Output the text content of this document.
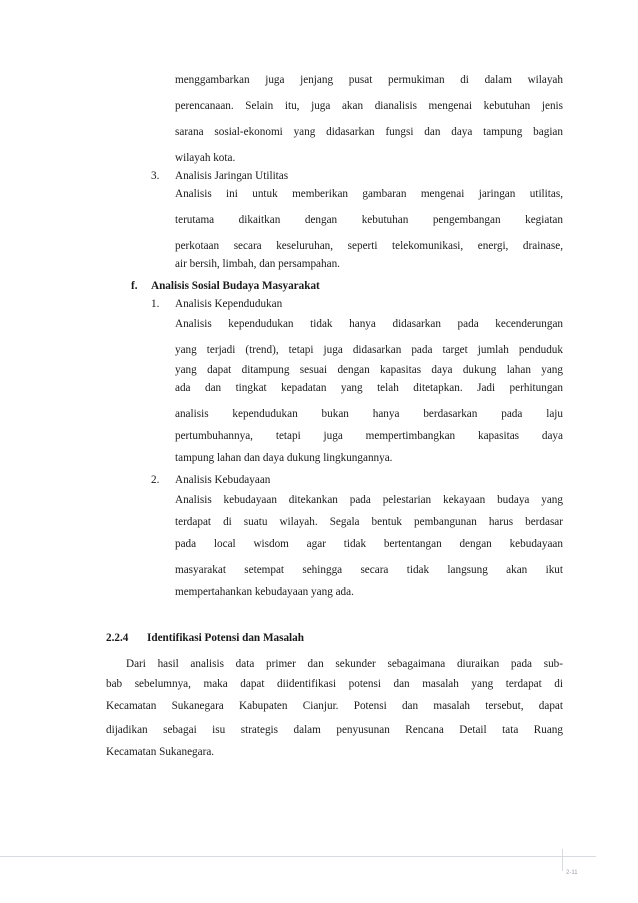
menggambarkan juga jenjang pusat permukiman di dalam wilayah
perencanaan. Selain itu, juga akan dianalisis mengenai kebutuhan jenis
sarana sosial-ekonomi yang didasarkan fungsi dan daya tampung bagian
wilayah kota.
3. Analisis Jaringan Utilitas
Analisis ini untuk memberikan gambaran mengenai jaringan utilitas,
terutama dikaitkan dengan kebutuhan pengembangan kegiatan
perkotaan secara keseluruhan, seperti telekomunikasi, energi, drainase,
air bersih, limbah, dan persampahan.
f. Analisis Sosial Budaya Masyarakat
1. Analisis Kependudukan
Analisis kependudukan tidak hanya didasarkan pada kecenderungan
yang terjadi (trend), tetapi juga didasarkan pada target jumlah penduduk
yang dapat ditampung sesuai dengan kapasitas daya dukung lahan yang
ada dan tingkat kepadatan yang telah ditetapkan. Jadi perhitungan
analisis kependudukan bukan hanya berdasarkan pada laju
pertumbuhannya, tetapi juga mempertimbangkan kapasitas daya
tampung lahan dan daya dukung lingkungannya.
2. Analisis Kebudayaan
Analisis kebudayaan ditekankan pada pelestarian kekayaan budaya yang
terdapat di suatu wilayah. Segala bentuk pembangunan harus berdasar
pada local wisdom agar tidak bertentangan dengan kebudayaan
masyarakat setempat sehingga secara tidak langsung akan ikut
mempertahankan kebudayaan yang ada.
2.2.4 Identifikasi Potensi dan Masalah
Dari hasil analisis data primer dan sekunder sebagaimana diuraikan pada sub-
bab sebelumnya, maka dapat diidentifikasi potensi dan masalah yang terdapat di
Kecamatan Sukanegara Kabupaten Cianjur. Potensi dan masalah tersebut, dapat
dijadikan sebagai isu strategis dalam penyusunan Rencana Detail tata Ruang
Kecamatan Sukanegara.
2-11
